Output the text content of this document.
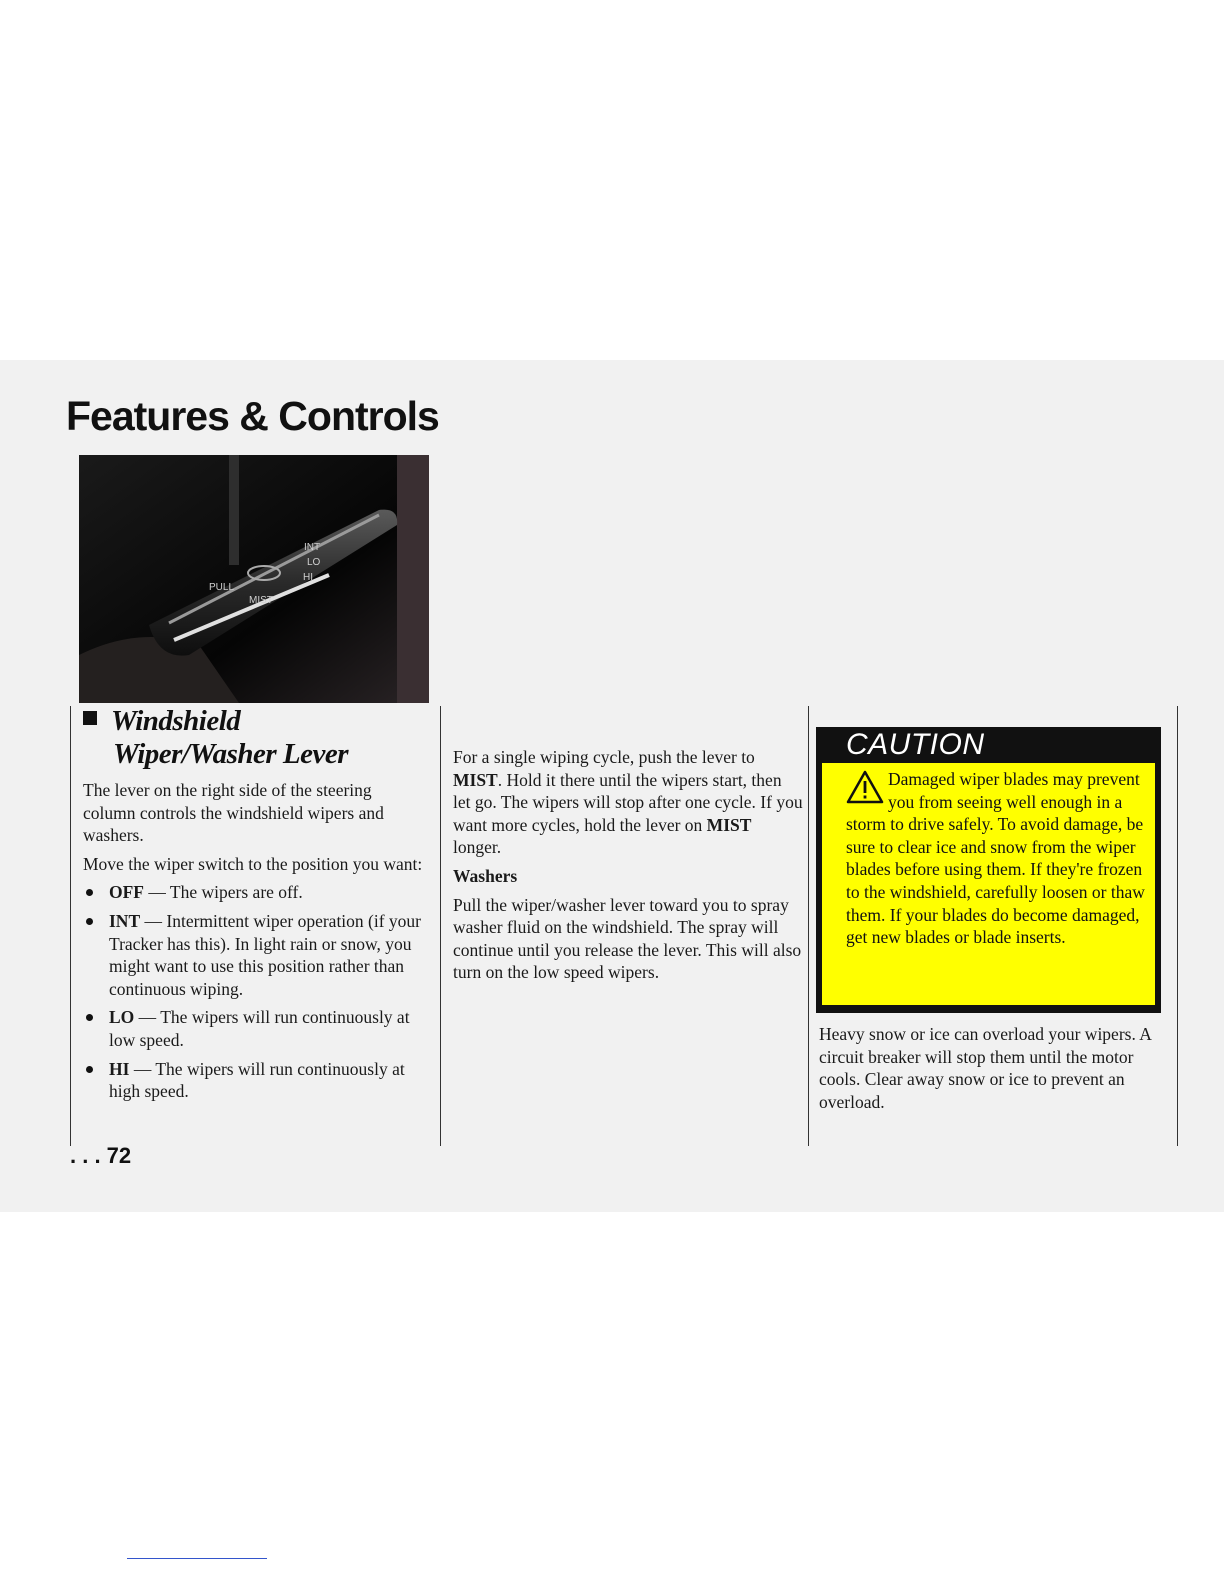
Features & Controls
INT
LO
HI
MIST
PULL
Windshield
Wiper/Washer Lever

The lever on the right side of the steering column controls the windshield wipers and washers.

Move the wiper switch to the position you want:

OFF — The wipers are off.
INT — Intermittent wiper operation (if your Tracker has this). In light rain or snow, you might want to use this position rather than continuous wiping.
LO — The wipers will run continuously at low speed.
HI — The wipers will run continuously at high speed.

For a single wiping cycle, push the lever to MIST. Hold it there until the wipers start, then let go. The wipers will stop after one cycle. If you want more cycles, hold the lever on MIST longer.

Washers

Pull the wiper/washer lever toward you to spray washer fluid on the windshield. The spray will continue until you release the lever. This will also turn on the low speed wipers.

CAUTION
Damaged wiper blades may prevent you from seeing well enough in a storm to drive safely. To avoid damage, be sure to clear ice and snow from the wiper blades before using them. If they're frozen to the windshield, carefully loosen or thaw them. If your blades do become damaged, get new blades or blade inserts.

Heavy snow or ice can overload your wipers. A circuit breaker will stop them until the motor cools. Clear away snow or ice to prevent an overload.

. . . 72
